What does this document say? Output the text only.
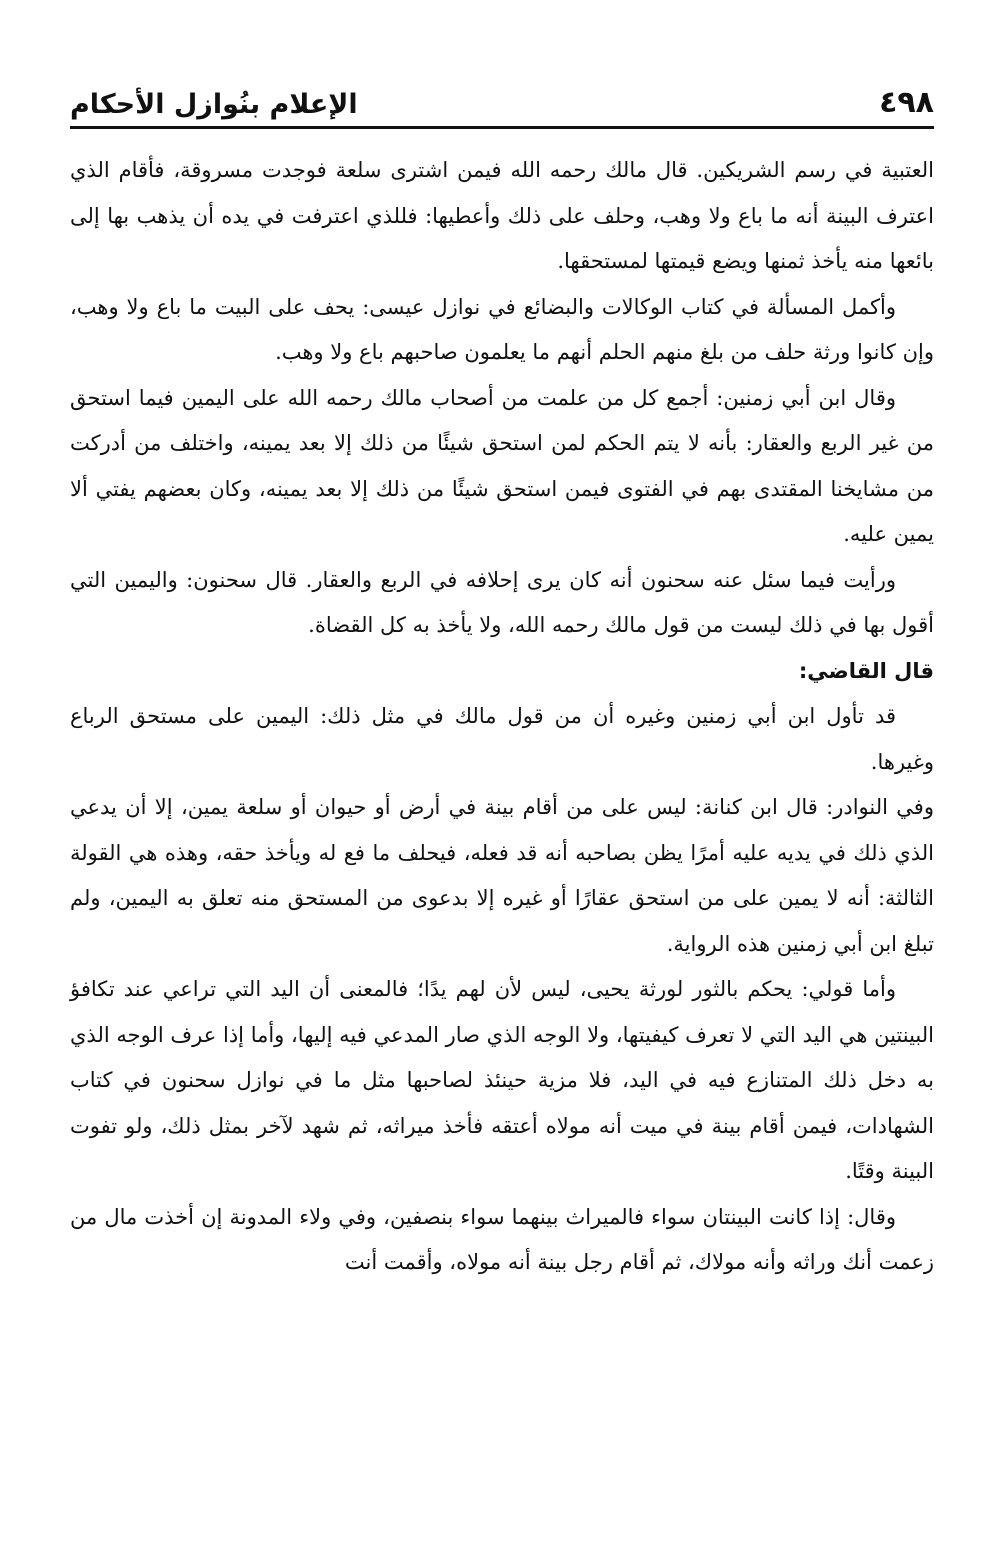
الإعلام بنُوازل الأحكام	٤٩٨

العتبية في رسم الشريكين. قال مالك رحمه الله فيمن اشترى سلعة فوجدت مسروقة، فأقام الذي اعترف البينة أنه ما باع ولا وهب، وحلف على ذلك وأعطيها: فللذي اعترفت في يده أن يذهب بها إلى بائعها منه يأخذ ثمنها ويضع قيمتها لمستحقها.

وأكمل المسألة في كتاب الوكالات والبضائع في نوازل عيسى: يحف على البيت ما باع ولا وهب، وإن كانوا ورثة حلف من بلغ منهم الحلم أنهم ما يعلمون صاحبهم باع ولا وهب.

وقال ابن أبي زمنين: أجمع كل من علمت من أصحاب مالك رحمه الله على اليمين فيما استحق من غير الربع والعقار: بأنه لا يتم الحكم لمن استحق شيئًا من ذلك إلا بعد يمينه، واختلف من أدركت من مشايخنا المقتدى بهم في الفتوى فيمن استحق شيئًا من ذلك إلا بعد يمينه، وكان بعضهم يفتي ألا يمين عليه.

ورأيت فيما سئل عنه سحنون أنه كان يرى إحلافه في الربع والعقار. قال سحنون: واليمين التي أقول بها في ذلك ليست من قول مالك رحمه الله، ولا يأخذ به كل القضاة.

قال القاضي:

قد تأول ابن أبي زمنين وغيره أن من قول مالك في مثل ذلك: اليمين على مستحق الرباع وغيرها.

وفي النوادر: قال ابن كنانة: ليس على من أقام بينة في أرض أو حيوان أو سلعة يمين، إلا أن يدعي الذي ذلك في يديه عليه أمرًا يظن بصاحبه أنه قد فعله، فيحلف ما فع له ويأخذ حقه، وهذه هي القولة الثالثة: أنه لا يمين على من استحق عقارًا أو غيره إلا بدعوى من المستحق منه تعلق به اليمين، ولم تبلغ ابن أبي زمنين هذه الرواية.

وأما قولي: يحكم بالثور لورثة يحيى، ليس لأن لهم يدًا؛ فالمعنى أن اليد التي تراعي عند تكافؤ البينتين هي اليد التي لا تعرف كيفيتها، ولا الوجه الذي صار المدعي فيه إليها، وأما إذا عرف الوجه الذي به دخل ذلك المتنازع فيه في اليد، فلا مزية حينئذ لصاحبها مثل ما في نوازل سحنون في كتاب الشهادات، فيمن أقام بينة في ميت أنه مولاه أعتقه فأخذ ميراثه، ثم شهد لآخر بمثل ذلك، ولو تفوت البينة وقتًا.

وقال: إذا كانت البينتان سواء فالميراث بينهما سواء بنصفين، وفي ولاء المدونة إن أخذت مال من زعمت أنك وراثه وأنه مولاك، ثم أقام رجل بينة أنه مولاه، وأقمت أنت
